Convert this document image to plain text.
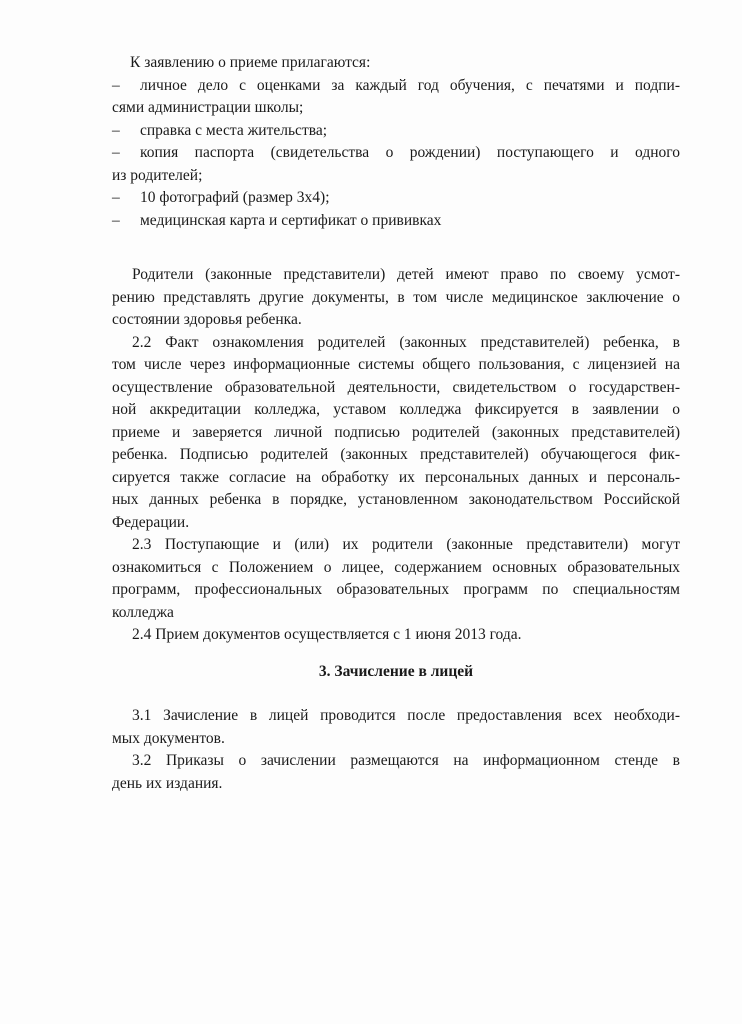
К заявлению о приеме прилагаются:
– личное дело с оценками за каждый год обучения, с печатями и подпи-
сями администрации школы;
– справка с места жительства;
– копия паспорта (свидетельства о рождении) поступающего и одного
из родителей;
– 10 фотографий (размер 3х4);
– медицинская карта и сертификат о прививках
Родители (законные представители) детей имеют право по своему усмот-
рению представлять другие документы, в том числе медицинское заключение о
состоянии здоровья ребенка.
2.2 Факт ознакомления родителей (законных представителей) ребенка, в
том числе через информационные системы общего пользования, с лицензией на
осуществление образовательной деятельности, свидетельством о государствен-
ной аккредитации колледжа, уставом колледжа фиксируется в заявлении о
приеме и заверяется личной подписью родителей (законных представителей)
ребенка. Подписью родителей (законных представителей) обучающегося фик-
сируется также согласие на обработку их персональных данных и персональ-
ных данных ребенка в порядке, установленном законодательством Российской
Федерации.
2.3 Поступающие и (или) их родители (законные представители) могут
ознакомиться с Положением о лицее, содержанием основных образовательных
программ, профессиональных образовательных программ по специальностям
колледжа
2.4 Прием документов осуществляется с 1 июня 2013 года.
3. Зачисление в лицей
3.1 Зачисление в лицей проводится после предоставления всех необходи-
мых документов.
3.2 Приказы о зачислении размещаются на информационном стенде в
день их издания.
